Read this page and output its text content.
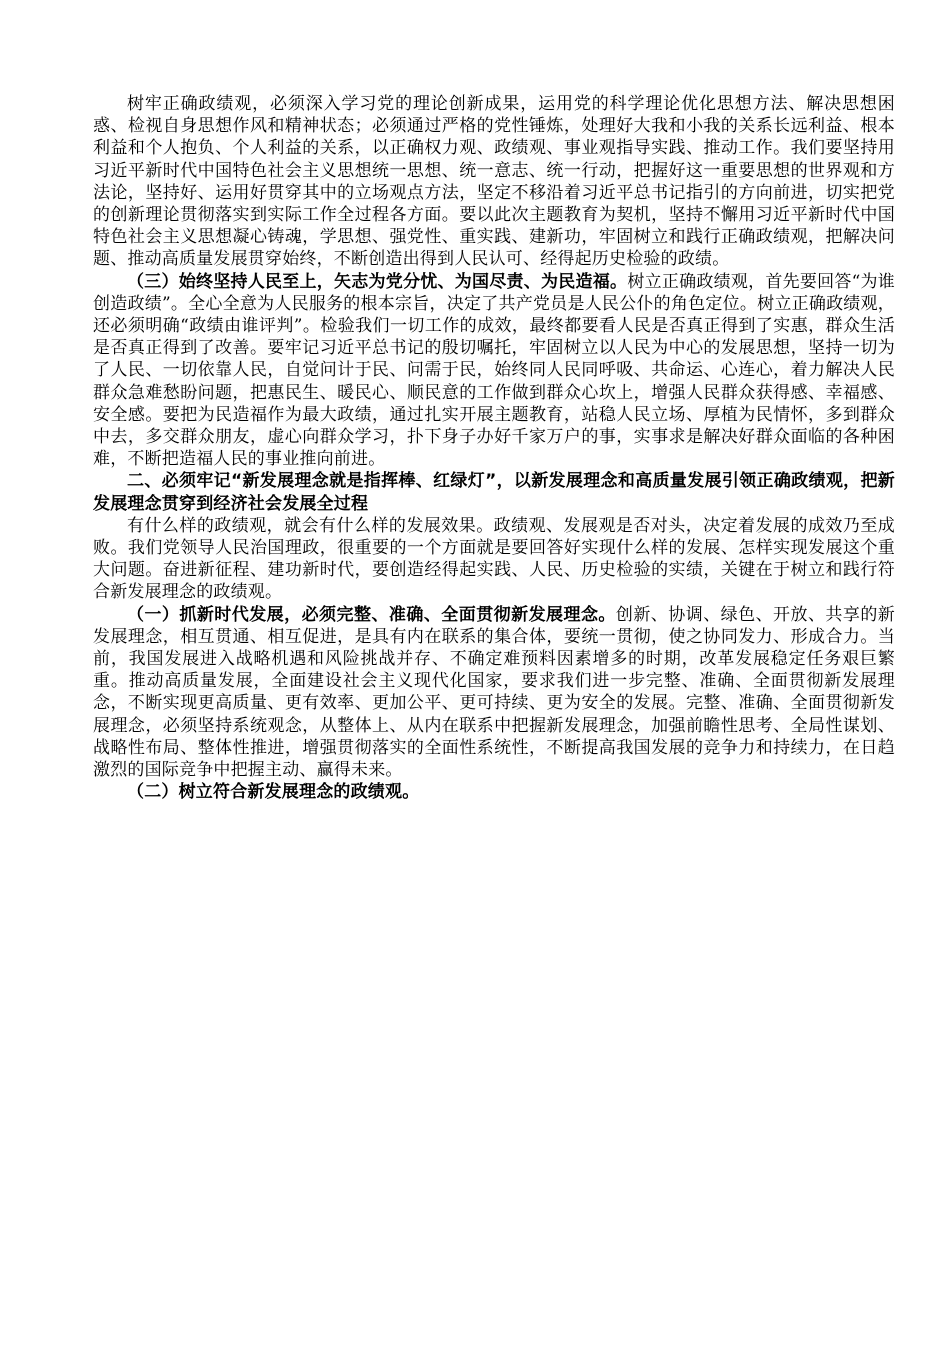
树牢正确政绩观，必须深入学习党的理论创新成果，运用党的科学理论优化思想方法、解决思想困惑、检视自身思想作风和精神状态；必须通过严格的党性锤炼，处理好大我和小我的关系长远利益、根本利益和个人抱负、个人利益的关系，以正确权力观、政绩观、事业观指导实践、推动工作。我们要坚持用习近平新时代中国特色社会主义思想统一思想、统一意志、统一行动，把握好这一重要思想的世界观和方法论，坚持好、运用好贯穿其中的立场观点方法，坚定不移沿着习近平总书记指引的方向前进，切实把党的创新理论贯彻落实到实际工作全过程各方面。要以此次主题教育为契机，坚持不懈用习近平新时代中国特色社会主义思想凝心铸魂，学思想、强党性、重实践、建新功，牢固树立和践行正确政绩观，把解决问题、推动高质量发展贯穿始终，不断创造出得到人民认可、经得起历史检验的政绩。

（三）始终坚持人民至上，矢志为党分忧、为国尽责、为民造福。树立正确政绩观，首先要回答“为谁创造政绩”。全心全意为人民服务的根本宗旨，决定了共产党员是人民公仆的角色定位。树立正确政绩观，还必须明确“政绩由谁评判”。检验我们一切工作的成效，最终都要看人民是否真正得到了实惠，群众生活是否真正得到了改善。要牢记习近平总书记的殷切嘱托，牢固树立以人民为中心的发展思想，坚持一切为了人民、一切依靠人民，自觉问计于民、问需于民，始终同人民同呼吸、共命运、心连心，着力解决人民群众急难愁盼问题，把惠民生、暖民心、顺民意的工作做到群众心坎上，增强人民群众获得感、幸福感、安全感。要把为民造福作为最大政绩，通过扎实开展主题教育，站稳人民立场、厚植为民情怀，多到群众中去，多交群众朋友，虚心向群众学习，扑下身子办好千家万户的事，实事求是解决好群众面临的各种困难，不断把造福人民的事业推向前进。

二、必须牢记“新发展理念就是指挥棒、红绿灯”，以新发展理念和高质量发展引领正确政绩观，把新发展理念贯穿到经济社会发展全过程

有什么样的政绩观，就会有什么样的发展效果。政绩观、发展观是否对头，决定着发展的成效乃至成败。我们党领导人民治国理政，很重要的一个方面就是要回答好实现什么样的发展、怎样实现发展这个重大问题。奋进新征程、建功新时代，要创造经得起实践、人民、历史检验的实绩，关键在于树立和践行符合新发展理念的政绩观。

（一）抓新时代发展，必须完整、准确、全面贯彻新发展理念。创新、协调、绿色、开放、共享的新发展理念，相互贯通、相互促进，是具有内在联系的集合体，要统一贯彻，使之协同发力、形成合力。当前，我国发展进入战略机遇和风险挑战并存、不确定难预料因素增多的时期，改革发展稳定任务艰巨繁重。推动高质量发展，全面建设社会主义现代化国家，要求我们进一步完整、准确、全面贯彻新发展理念，不断实现更高质量、更有效率、更加公平、更可持续、更为安全的发展。完整、准确、全面贯彻新发展理念，必须坚持系统观念，从整体上、从内在联系中把握新发展理念，加强前瞻性思考、全局性谋划、战略性布局、整体性推进，增强贯彻落实的全面性系统性，不断提高我国发展的竞争力和持续力，在日趋激烈的国际竞争中把握主动、赢得未来。

（二）树立符合新发展理念的政绩观。
